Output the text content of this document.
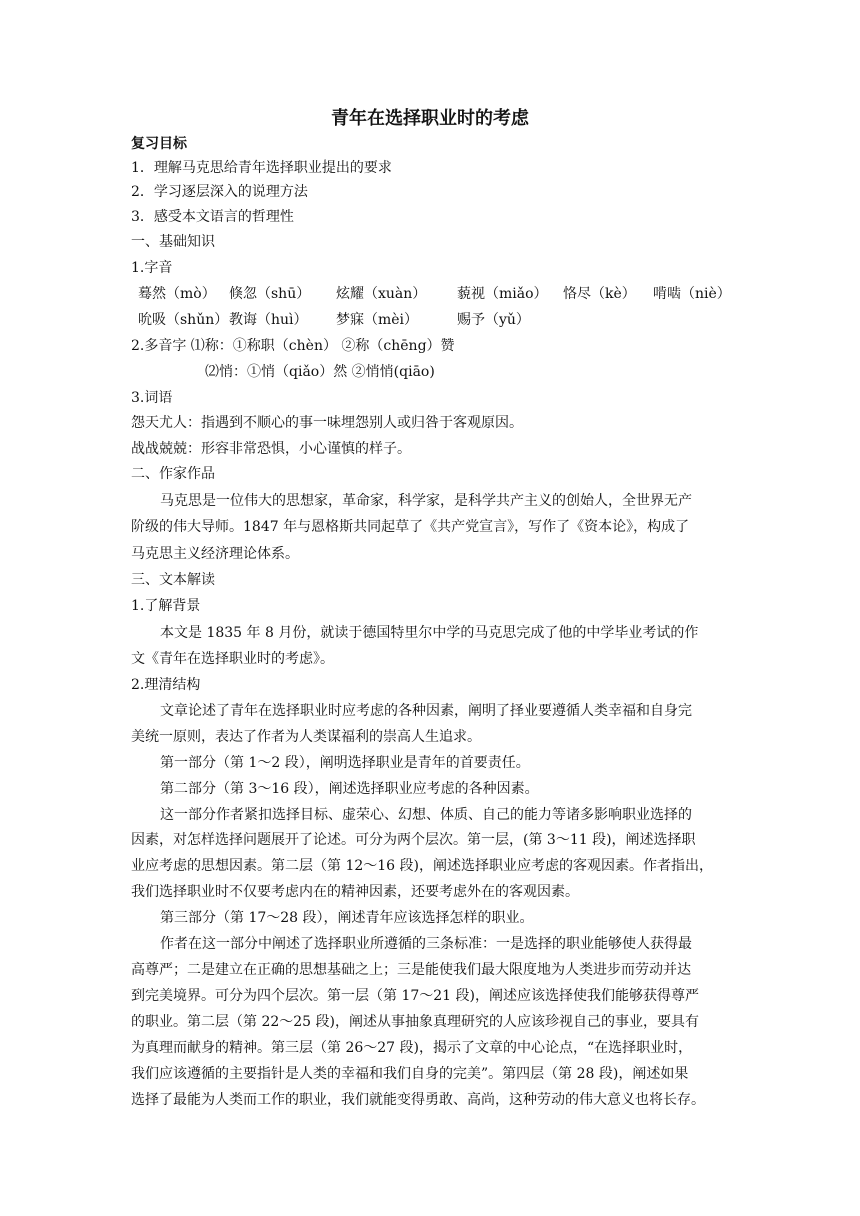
青年在选择职业时的考虑
复习目标
1．理解马克思给青年选择职业提出的要求
2．学习逐层深入的说理方法
3．感受本文语言的哲理性
一、基础知识
1.字音
蓦然（mò） 倏忽（shū） 炫耀（xuàn） 藐视（miǎo） 恪尽（kè） 啃啮（niè）
吮吸（shǔn） 教诲（huì） 梦寐（mèi）	赐予（yǔ）
2.多音字 ⑴称：①称职（chèn） ②称（chēng）赞
⑵悄：①悄（qiǎo）然 ②悄悄(qiāo)
3.词语
怨天尤人：指遇到不顺心的事一味埋怨别人或归咎于客观原因。
战战兢兢：形容非常恐惧，小心谨慎的样子。
二、作家作品
马克思是一位伟大的思想家，革命家，科学家，是科学共产主义的创始人，全世界无产
阶级的伟大导师。1847 年与恩格斯共同起草了《共产党宣言》，写作了《资本论》，构成了
马克思主义经济理论体系。
三、文本解读
1.了解背景
本文是 1835 年 8 月份，就读于德国特里尔中学的马克思完成了他的中学毕业考试的作
文《青年在选择职业时的考虑》。
2.理清结构
文章论述了青年在选择职业时应考虑的各种因素，阐明了择业要遵循人类幸福和自身完
美统一原则，表达了作者为人类谋福利的崇高人生追求。
第一部分（第 1～2 段），阐明选择职业是青年的首要责任。
第二部分（第 3～16 段），阐述选择职业应考虑的各种因素。
这一部分作者紧扣选择目标、虚荣心、幻想、体质、自己的能力等诸多影响职业选择的
因素，对怎样选择问题展开了论述。可分为两个层次。第一层，(第 3～11 段)，阐述选择职
业应考虑的思想因素。第二层（第 12～16 段)，阐述选择职业应考虑的客观因素。作者指出，
我们选择职业时不仅要考虑内在的精神因素，还要考虑外在的客观因素。
第三部分（第 17～28 段），阐述青年应该选择怎样的职业。
作者在这一部分中阐述了选择职业所遵循的三条标准：一是选择的职业能够使人获得最
高尊严；二是建立在正确的思想基础之上；三是能使我们最大限度地为人类进步而劳动并达
到完美境界。可分为四个层次。第一层（第 17～21 段)，阐述应该选择使我们能够获得尊严
的职业。第二层（第 22～25 段)，阐述从事抽象真理研究的人应该珍视自己的事业，要具有
为真理而献身的精神。第三层（第 26～27 段)，揭示了文章的中心论点，“在选择职业时，
我们应该遵循的主要指针是人类的幸福和我们自身的完美”。第四层（第 28 段)，阐述如果
选择了最能为人类而工作的职业，我们就能变得勇敢、高尚，这种劳动的伟大意义也将长存。
